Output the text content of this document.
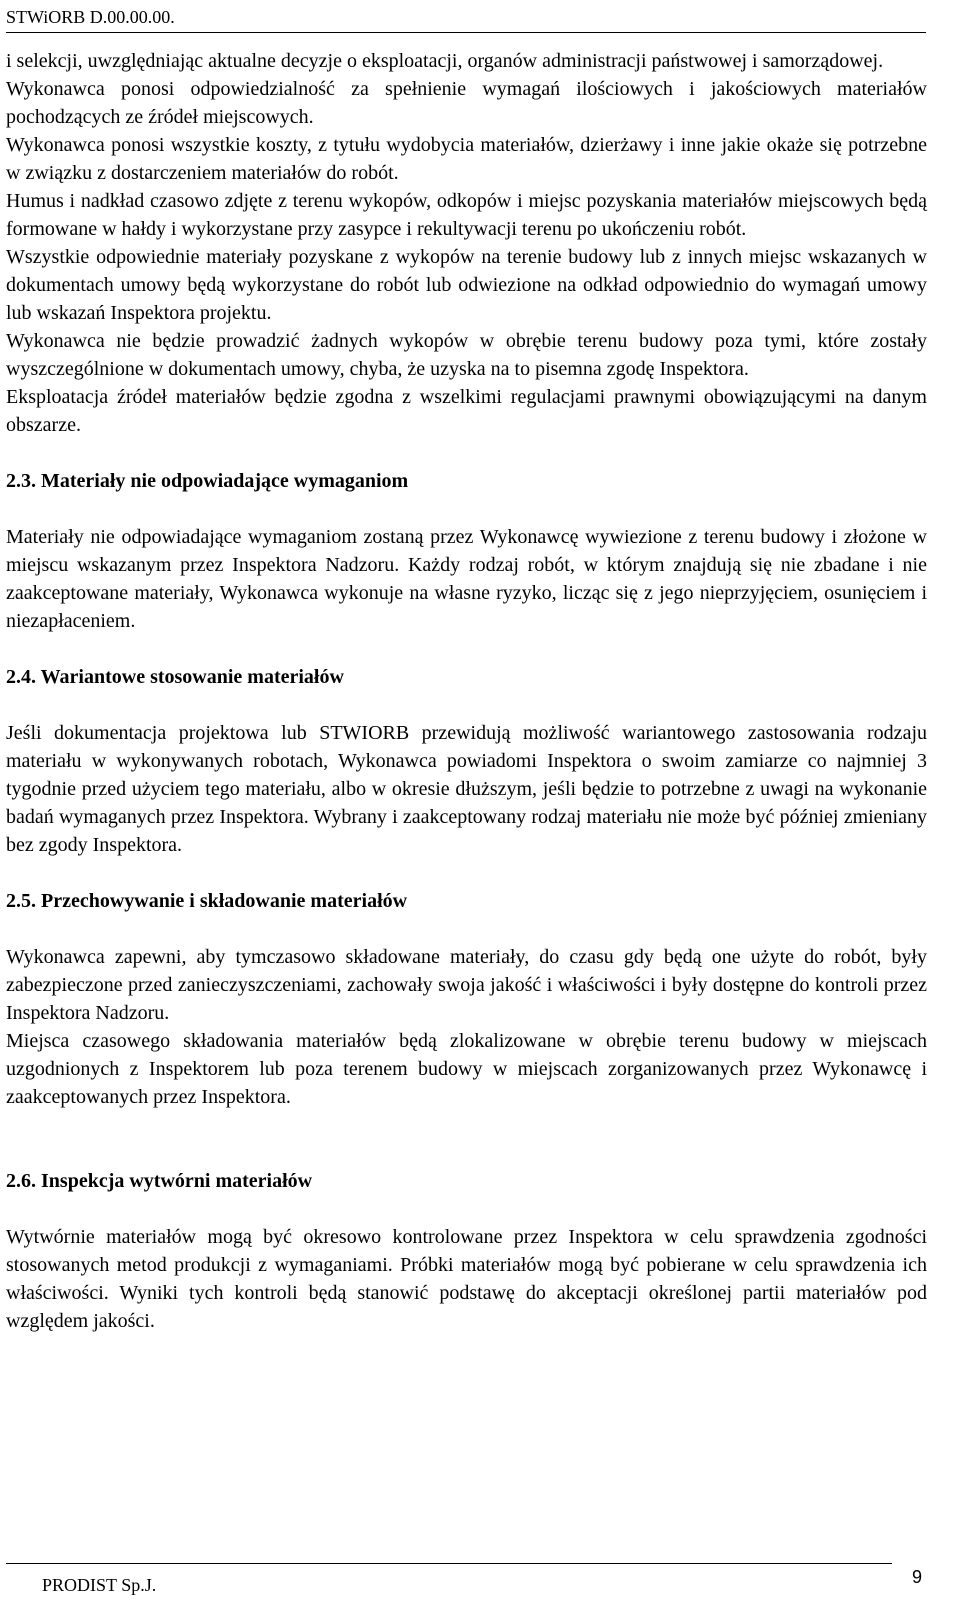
STWiORB D.00.00.00.

i selekcji, uwzględniając aktualne decyzje o eksploatacji, organów administracji państwowej i samorządowej.

Wykonawca ponosi odpowiedzialność za spełnienie wymagań ilościowych i jakościowych materiałów pochodzących ze źródeł miejscowych.

Wykonawca ponosi wszystkie koszty, z tytułu wydobycia materiałów, dzierżawy i inne jakie okaże się potrzebne w związku z dostarczeniem materiałów do robót.

Humus i nadkład czasowo zdjęte z terenu wykopów, odkopów i miejsc pozyskania materiałów miejscowych będą formowane w hałdy i wykorzystane przy zasypce i rekultywacji terenu po ukończeniu robót.

Wszystkie odpowiednie materiały pozyskane z wykopów na terenie budowy lub z innych miejsc wskazanych w dokumentach umowy będą wykorzystane do robót lub odwiezione na odkład odpowiednio do wymagań umowy lub wskazań Inspektora projektu.

Wykonawca nie będzie prowadzić żadnych wykopów w obrębie terenu budowy poza tymi, które zostały wyszczególnione w dokumentach umowy, chyba, że uzyska na to pisemna zgodę Inspektora.

Eksploatacja źródeł materiałów będzie zgodna z wszelkimi regulacjami prawnymi obowiązującymi na danym obszarze.

2.3. Materiały nie odpowiadające wymaganiom

Materiały nie odpowiadające wymaganiom zostaną przez Wykonawcę wywiezione z terenu budowy i złożone w miejscu wskazanym przez Inspektora Nadzoru. Każdy rodzaj robót, w którym znajdują się nie zbadane i nie zaakceptowane materiały, Wykonawca wykonuje na własne ryzyko, licząc się z jego nieprzyjęciem, osunięciem i niezapłaceniem.

2.4. Wariantowe stosowanie materiałów

Jeśli dokumentacja projektowa lub STWIORB przewidują możliwość wariantowego zastosowania rodzaju materiału w wykonywanych robotach, Wykonawca powiadomi Inspektora o swoim zamiarze co najmniej 3 tygodnie przed użyciem tego materiału, albo w okresie dłuższym, jeśli będzie to potrzebne z uwagi na wykonanie badań wymaganych przez Inspektora. Wybrany i zaakceptowany rodzaj materiału nie może być później zmieniany bez zgody Inspektora.

2.5. Przechowywanie i składowanie materiałów

Wykonawca zapewni, aby tymczasowo składowane materiały, do czasu gdy będą one użyte do robót, były zabezpieczone przed zanieczyszczeniami, zachowały swoja jakość i właściwości i były dostępne do kontroli przez Inspektora Nadzoru.

Miejsca czasowego składowania materiałów będą zlokalizowane w obrębie terenu budowy w miejscach uzgodnionych z Inspektorem lub poza terenem budowy w miejscach zorganizowanych przez Wykonawcę i zaakceptowanych przez Inspektora.

2.6. Inspekcja wytwórni materiałów

Wytwórnie materiałów mogą być okresowo kontrolowane przez Inspektora w celu sprawdzenia zgodności stosowanych metod produkcji z wymaganiami. Próbki materiałów mogą być pobierane w celu sprawdzenia ich właściwości. Wyniki tych kontroli będą stanowić podstawę do akceptacji określonej partii materiałów pod względem jakości.

PRODIST Sp.J.	9
